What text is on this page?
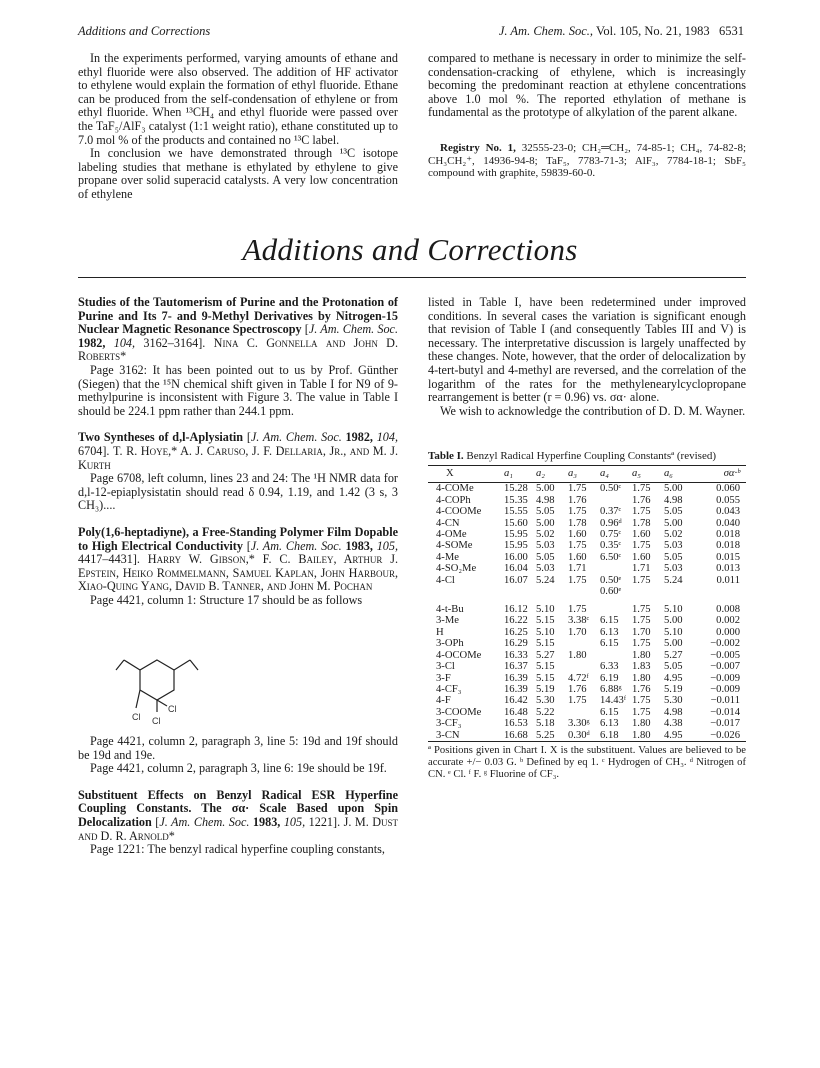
Additions and Corrections	J. Am. Chem. Soc., Vol. 105, No. 21, 1983 6531

In the experiments performed, varying amounts of ethane and ethyl fluoride were also observed. The addition of HF activator to ethylene would explain the formation of ethyl fluoride. Ethane can be produced from the self-condensation of ethylene or from ethyl fluoride. When ¹³CH₄ and ethyl fluoride were passed over the TaF₅/AlF₃ catalyst (1:1 weight ratio), ethane constituted up to 7.0 mol % of the products and contained no ¹³C label.

In conclusion we have demonstrated through ¹³C isotope labeling studies that methane is ethylated by ethylene to give propane over solid superacid catalysts. A very low concentration of ethylene

compared to methane is necessary in order to minimize the self-condensation-cracking of ethylene, which is increasingly becoming the predominant reaction at ethylene concentrations above 1.0 mol %. The reported ethylation of methane is fundamental as the prototype of alkylation of the parent alkane.

Registry No. 1, 32555-23-0; CH₂═CH₂, 74-85-1; CH₄, 74-82-8; CH₃CH₂⁺, 14936-94-8; TaF₅, 7783-71-3; AlF₃, 7784-18-1; SbF₅ compound with graphite, 59839-60-0.

Additions and Corrections

Studies of the Tautomerism of Purine and the Protonation of Purine and Its 7- and 9-Methyl Derivatives by Nitrogen-15 Nuclear Magnetic Resonance Spectroscopy [J. Am. Chem. Soc. 1982, 104, 3162–3164]. Nina C. Gonnella and John D. Roberts*
Page 3162: It has been pointed out to us by Prof. Günther (Siegen) that the ¹⁵N chemical shift given in Table I for N9 of 9-methylpurine is inconsistent with Figure 3. The value in Table I should be 224.1 ppm rather than 244.1 ppm.

Two Syntheses of d,l-Aplysiatin [J. Am. Chem. Soc. 1982, 104, 6704]. T. R. Hoye,* A. J. Caruso, J. F. Dellaria, Jr., and M. J. Kurth
Page 6708, left column, lines 23 and 24: The ¹H NMR data for d,l-12-epiaplysistatin should read δ 0.94, 1.19, and 1.42 (3 s, 3 CH₃)....

Poly(1,6-heptadiyne), a Free-Standing Polymer Film Dopable to High Electrical Conductivity [J. Am. Chem. Soc. 1983, 105, 4417–4431]. Harry W. Gibson,* F. C. Bailey, Arthur J. Epstein, Heiko Rommelmann, Samuel Kaplan, John Harbour, Xiao-Quing Yang, David B. Tanner, and John M. Pochan
Page 4421, column 1: Structure 17 should be as follows

Cl Cl
Cl

Page 4421, column 2, paragraph 3, line 5: 19d and 19f should be 19d and 19e.

Page 4421, column 2, paragraph 3, line 6: 19e should be 19f.

Substituent Effects on Benzyl Radical ESR Hyperfine Coupling Constants. The σα· Scale Based upon Spin Delocalization [J. Am. Chem. Soc. 1983, 105, 1221]. J. M. Dust and D. R. Arnold*
Page 1221: The benzyl radical hyperfine coupling constants,

listed in Table I, have been redetermined under improved conditions. In several cases the variation is significant enough that revision of Table I (and consequently Tables III and V) is necessary. The interpretative discussion is largely unaffected by these changes. Note, however, that the order of delocalization by 4-tert-butyl and 4-methyl are reversed, and the correlation of the logarithm of the rates for the methylenearylcyclopropane rearrangement is better (r = 0.96) vs. σα· alone.

We wish to acknowledge the contribution of D. D. M. Wayner.

Table I. Benzyl Radical Hyperfine Coupling Constantsª (revised)
X	a₁	a₂	a₃	a₄	a₅	a₆	σα·ᵇ
4-COMe	15.28	5.00	1.75	0.50ᶜ	1.75	5.00	0.060
4-COPh	15.35	4.98	1.76		1.76	4.98	0.055
4-COOMe	15.55	5.05	1.75	0.37ᶜ	1.75	5.05	0.043
4-CN	15.60	5.00	1.78	0.96ᵈ	1.78	5.00	0.040
4-OMe	15.95	5.02	1.60	0.75ᶜ	1.60	5.02	0.018
4-SOMe	15.95	5.03	1.75	0.35ᶜ	1.75	5.03	0.018
4-Me	16.00	5.05	1.60	6.50ᶜ	1.60	5.05	0.015
4-SO₂Me	16.04	5.03	1.71		1.71	5.03	0.013
4-Cl	16.07	5.24	1.75	0.50ᵉ	1.75	5.24	0.011
				0.60ᵉ			
4-t-Bu	16.12	5.10	1.75		1.75	5.10	0.008
3-Me	16.22	5.15	3.38ᶜ	6.15	1.75	5.00	0.002
H	16.25	5.10	1.70	6.13	1.70	5.10	0.000
3-OPh	16.29	5.15		6.15	1.75	5.00	−0.002
4-OCOMe	16.33	5.27	1.80		1.80	5.27	−0.005
3-Cl	16.37	5.15		6.33	1.83	5.05	−0.007
3-F	16.39	5.15	4.72ᶠ	6.19	1.80	4.95	−0.009
4-CF₃	16.39	5.19	1.76	6.88ᵍ	1.76	5.19	−0.009
4-F	16.42	5.30	1.75	14.43ᶠ	1.75	5.30	−0.011
3-COOMe	16.48	5.22		6.15	1.75	4.98	−0.014
3-CF₃	16.53	5.18	3.30ᵍ	6.13	1.80	4.38	−0.017
3-CN	16.68	5.25	0.30ᵈ	6.18	1.80	4.95	−0.026
ª Positions given in Chart I. X is the substituent. Values are believed to be accurate +/− 0.03 G. ᵇ Defined by eq 1. ᶜ Hydrogen of CH₃. ᵈ Nitrogen of CN. ᵉ Cl. ᶠ F. ᵍ Fluorine of CF₃.
